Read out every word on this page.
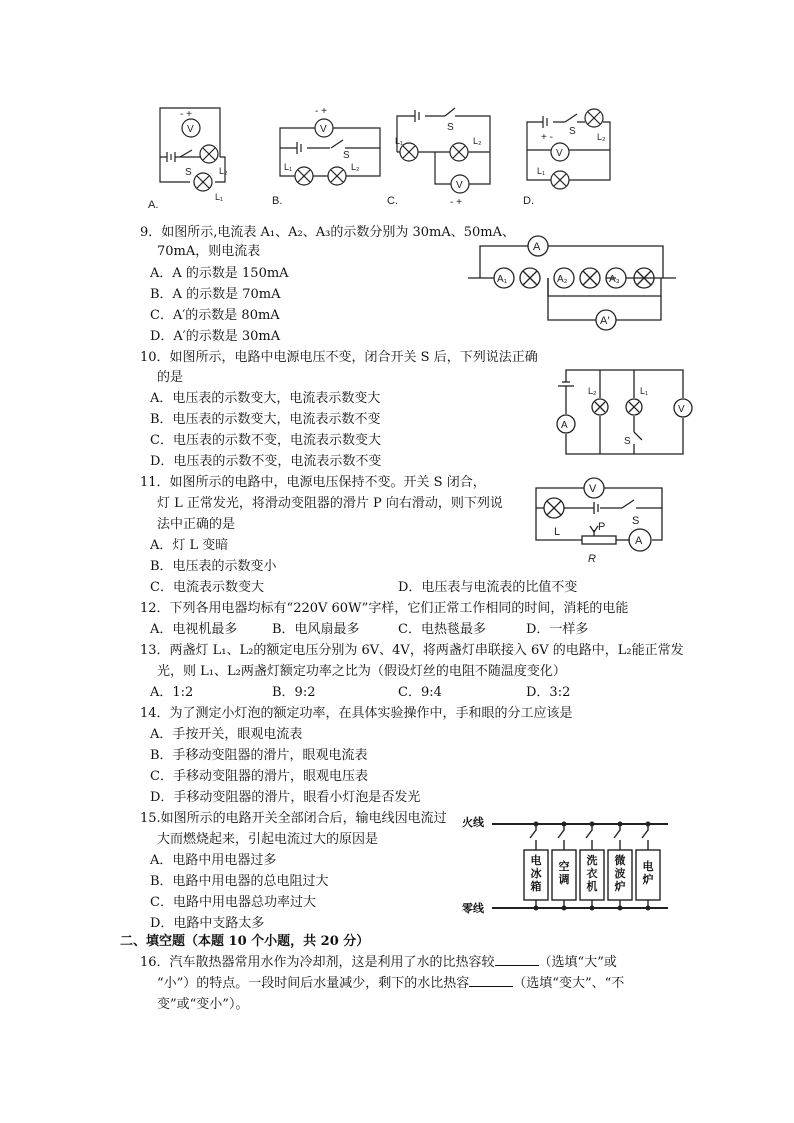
V
- +
S	L₂
L₁
A.
V
- +
S
L₁	L₂
B.
S
L₁	L₂
V
- +
C.
V
+ -
S L₂
L₁
D.
9．如图所示,电流表 A₁、A₂、A₃的示数分别为 30mA、50mA、
70mA，则电流表
A．A 的示数是 150mA
B．A 的示数是 70mA
C．A′的示数是 80mA
D．A′的示数是 30mA
A
A₁	A₂	A₃
A′
10．如图所示，电路中电源电压不变，闭合开关 S 后，下列说法正确
的是
A．电压表的示数变大，电流表示数变大
B．电压表的示数变大，电流表示数不变
C．电压表的示数不变，电流表示数变大
D．电压表的示数不变，电流表示数不变
A
L₂	L₁
S
V
11．如图所示的电路中，电源电压保持不变。开关 S 闭合，
灯 L 正常发光，将滑动变阻器的滑片 P 向右滑动，则下列说
法中正确的是
A．灯 L 变暗
B．电压表的示数变小
C．电流表示数变大	D．电压表与电流表的比值不变
V
L	P
R
S
A
12．下列各用电器均标有“220V 60W”字样，它们正常工作相同的时间，消耗的电能
A．电视机最多	B．电风扇最多	C．电热毯最多	D．一样多
13．两盏灯 L₁、L₂的额定电压分别为 6V、4V，将两盏灯串联接入 6V 的电路中，L₂能正常发
光，则 L₁、L₂两盏灯额定功率之比为（假设灯丝的电阻不随温度变化）
A．1:2	B．9:2	C．9:4	D．3:2
14．为了测定小灯泡的额定功率，在具体实验操作中，手和眼的分工应该是
A．手按开关，眼观电流表
B．手移动变阻器的滑片，眼观电流表
C．手移动变阻器的滑片，眼观电压表
D．手移动变阻器的滑片，眼看小灯泡是否发光
15.如图所示的电路开关全部闭合后，输电线因电流过
大而燃烧起来，引起电流过大的原因是
A．电路中用电器过多
B．电路中用电器的总电阻过大
C．电路中用电器总功率过大
D．电路中支路太多
火线
零线
电冰箱
空调
洗衣机
微波炉
电炉
二、填空题（本题 10 个小题，共 20 分）
16．汽车散热器常用水作为冷却剂，这是利用了水的比热容较	（选填“大”或
“小”）的特点。一段时间后水量减少，剩下的水比热容	（选填“变大”、“不
变”或“变小”）。
